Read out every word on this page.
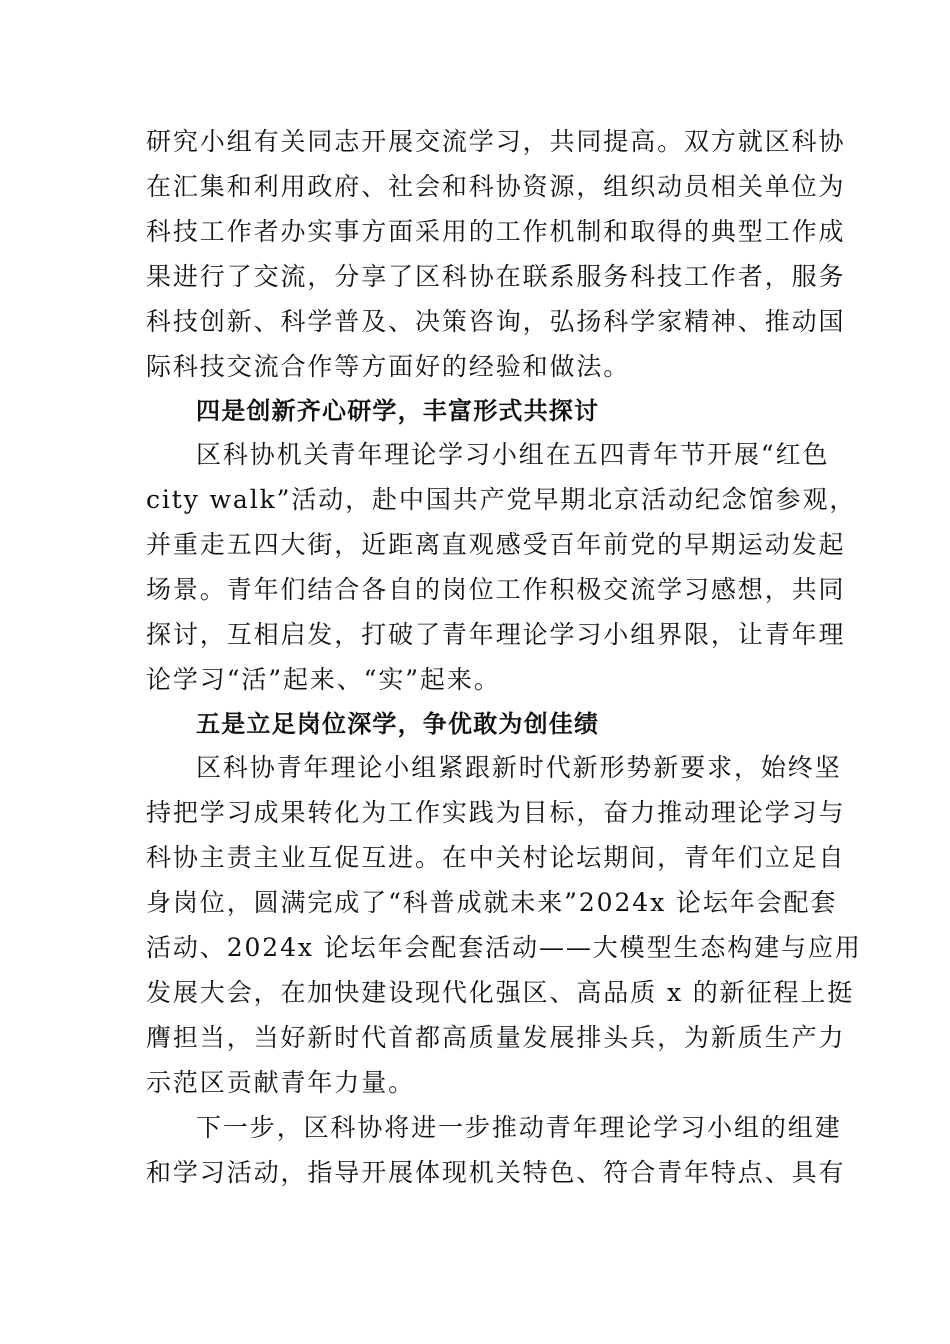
研究小组有关同志开展交流学习，共同提高。双方就区科协
在汇集和利用政府、社会和科协资源，组织动员相关单位为
科技工作者办实事方面采用的工作机制和取得的典型工作成
果进行了交流，分享了区科协在联系服务科技工作者，服务
科技创新、科学普及、决策咨询，弘扬科学家精神、推动国
际科技交流合作等方面好的经验和做法。
四是创新齐心研学，丰富形式共探讨
区科协机关青年理论学习小组在五四青年节开展“红色
city walk”活动，赴中国共产党早期北京活动纪念馆参观，
并重走五四大街，近距离直观感受百年前党的早期运动发起
场景。青年们结合各自的岗位工作积极交流学习感想，共同
探讨，互相启发，打破了青年理论学习小组界限，让青年理
论学习“活”起来、“实”起来。
五是立足岗位深学，争优敢为创佳绩
区科协青年理论小组紧跟新时代新形势新要求，始终坚
持把学习成果转化为工作实践为目标，奋力推动理论学习与
科协主责主业互促互进。在中关村论坛期间，青年们立足自
身岗位，圆满完成了“科普成就未来”2024x 论坛年会配套
活动、2024x 论坛年会配套活动——大模型生态构建与应用
发展大会，在加快建设现代化强区、高品质 x 的新征程上挺
膺担当，当好新时代首都高质量发展排头兵，为新质生产力
示范区贡献青年力量。
下一步，区科协将进一步推动青年理论学习小组的组建
和学习活动，指导开展体现机关特色、符合青年特点、具有
